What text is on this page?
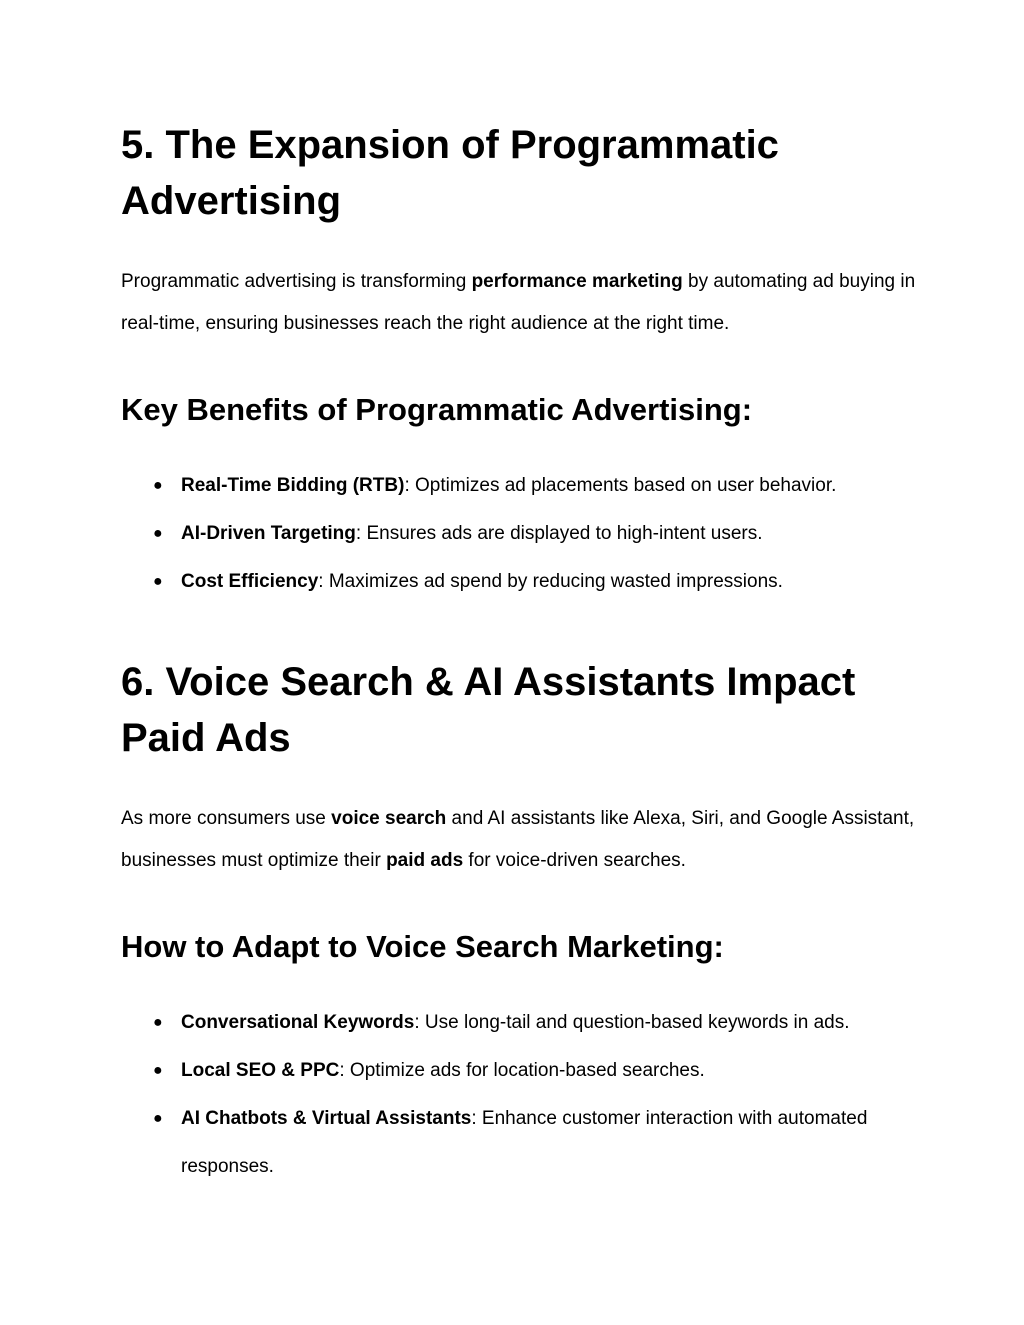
5. The Expansion of Programmatic
Advertising

Programmatic advertising is transforming performance marketing by automating ad buying in real-time, ensuring businesses reach the right audience at the right time.

Key Benefits of Programmatic Advertising:
● Real-Time Bidding (RTB): Optimizes ad placements based on user behavior.
● AI-Driven Targeting: Ensures ads are displayed to high-intent users.
● Cost Efficiency: Maximizes ad spend by reducing wasted impressions.
6. Voice Search & AI Assistants Impact
Paid Ads

As more consumers use voice search and AI assistants like Alexa, Siri, and Google Assistant, businesses must optimize their paid ads for voice-driven searches.

How to Adapt to Voice Search Marketing:
● Conversational Keywords: Use long-tail and question-based keywords in ads.
● Local SEO & PPC: Optimize ads for location-based searches.
● AI Chatbots & Virtual Assistants: Enhance customer interaction with automated responses.
